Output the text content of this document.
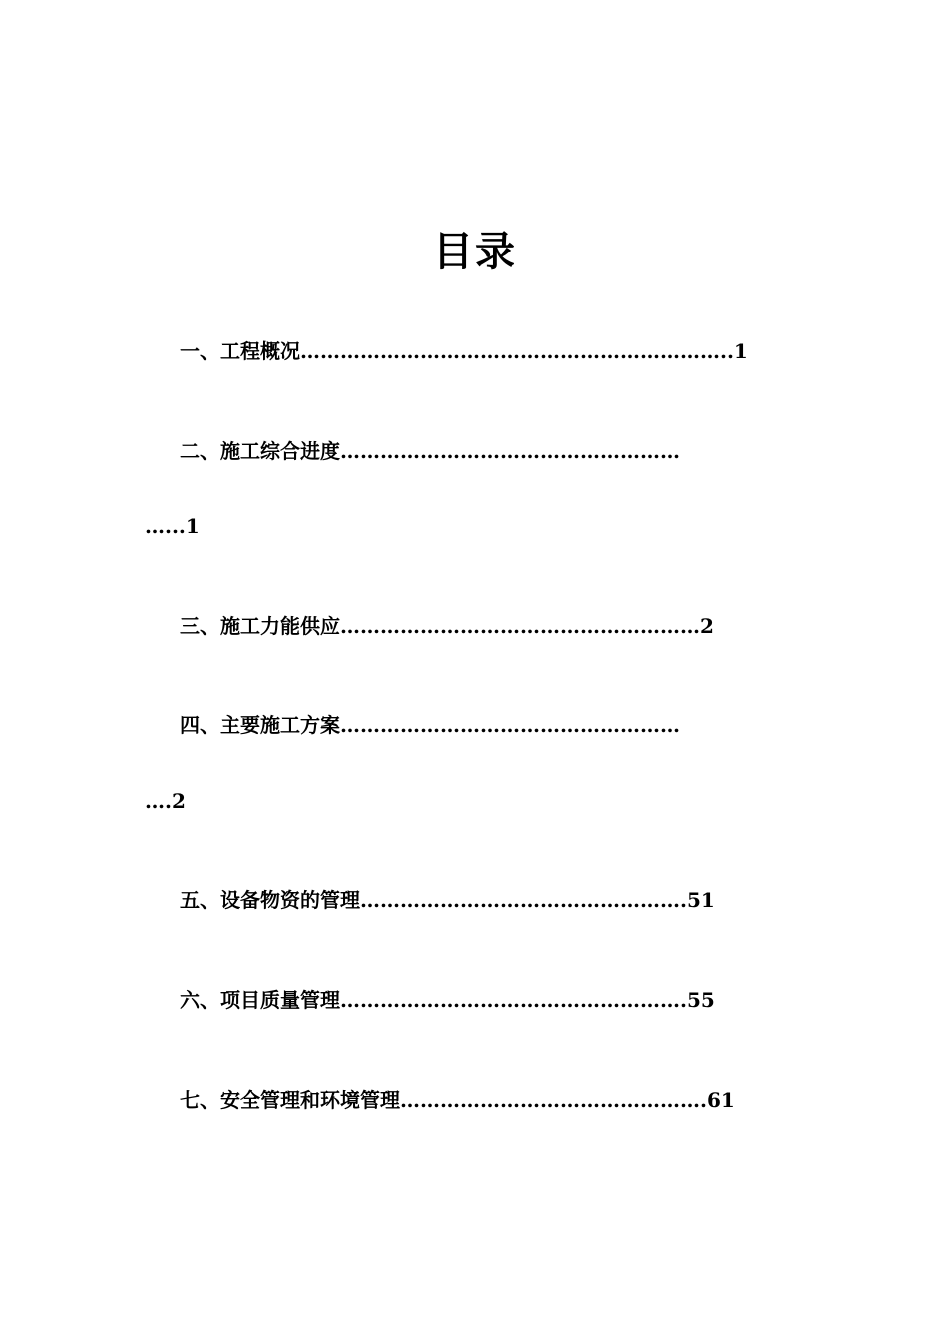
目录
一、工程概况………………………………………………………..1
二、施工综合进度……………………………………………
…...1
三、施工力能供应………………………………………………2
四、主要施工方案……………………………………………
….2
五、设备物资的管理………………………………………….51
六、项目质量管理…………………………………………….55
七、安全管理和环境管理……………………………………….61
